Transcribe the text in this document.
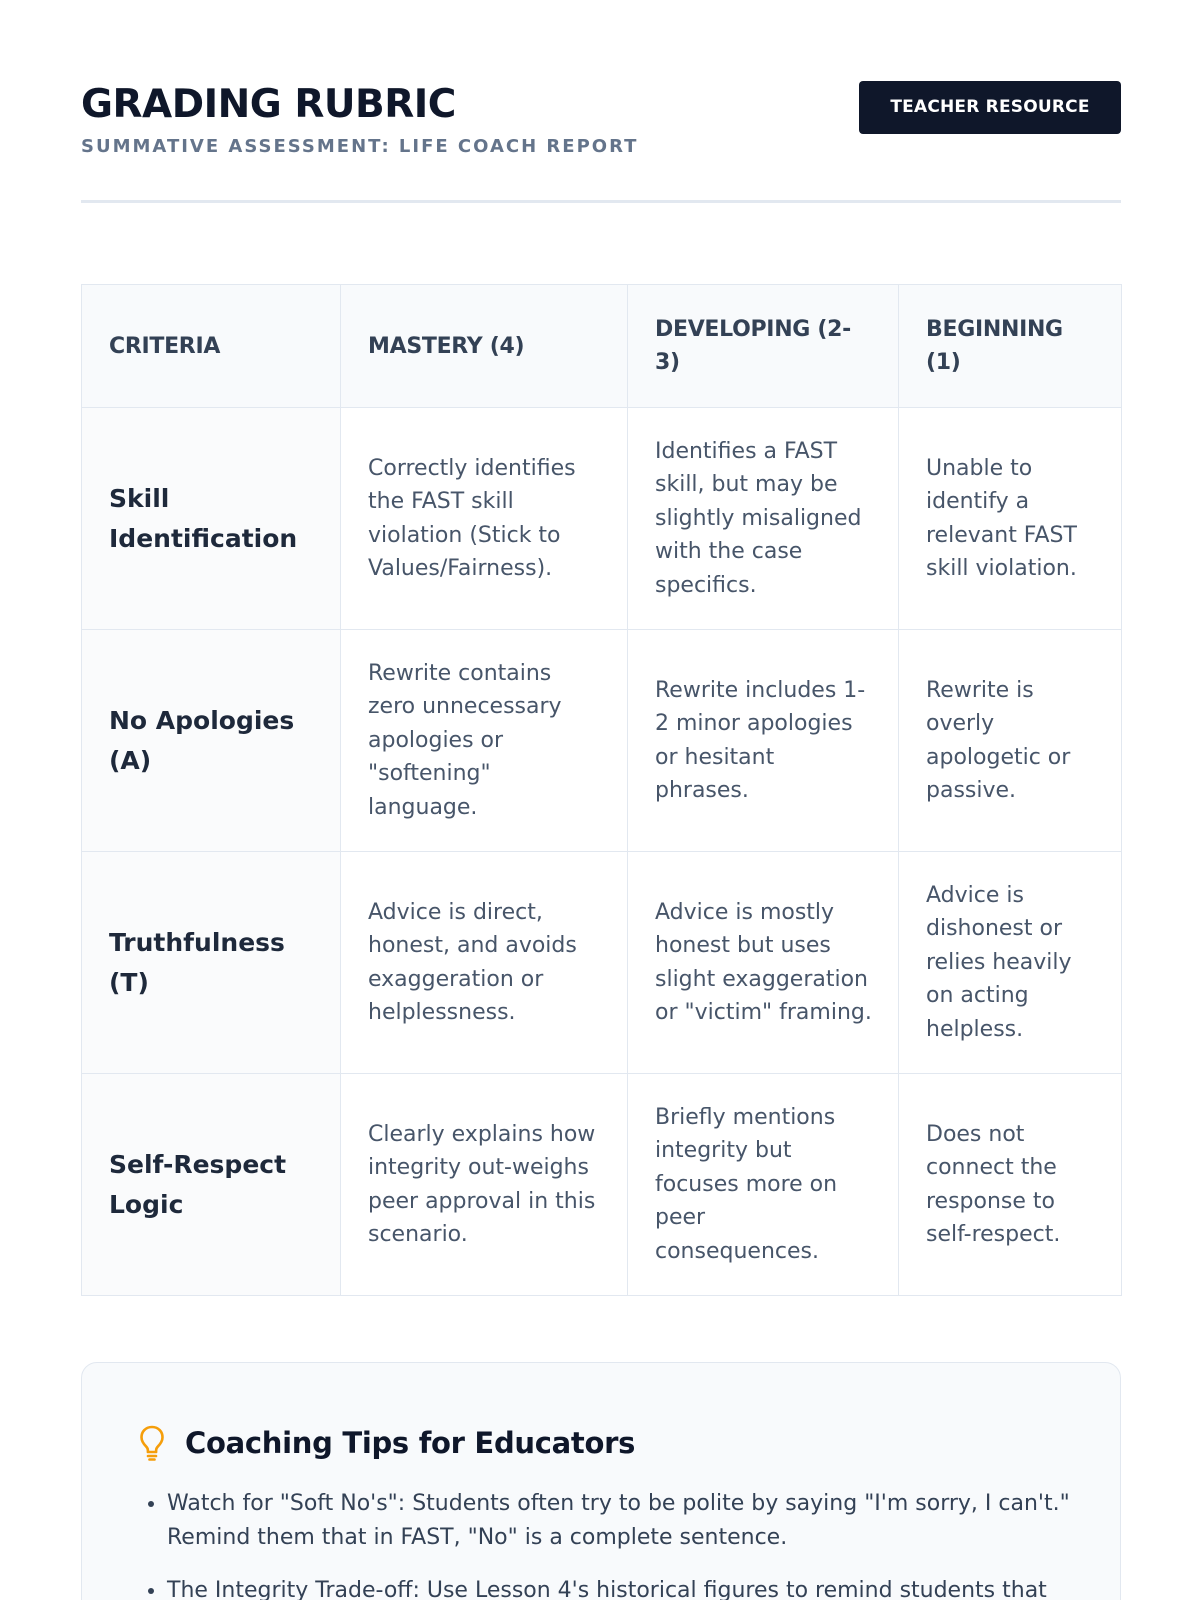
GRADING RUBRIC
SUMMATIVE ASSESSMENT: LIFE COACH REPORT
TEACHER RESOURCE
CRITERIA	MASTERY (4)	DEVELOPING (2-3)	BEGINNING (1)
Skill Identification	Correctly identifies the FAST skill violation (Stick to Values/Fairness).	Identifies a FAST skill, but may be slightly misaligned with the case specifics.	Unable to identify a relevant FAST skill violation.
No Apologies (A)	Rewrite contains zero unnecessary apologies or "softening" language.	Rewrite includes 1-2 minor apologies or hesitant phrases.	Rewrite is overly apologetic or passive.
Truthfulness (T)	Advice is direct, honest, and avoids exaggeration or helplessness.	Advice is mostly honest but uses slight exaggeration or "victim" framing.	Advice is dishonest or relies heavily on acting helpless.
Self-Respect Logic	Clearly explains how integrity out-weighs peer approval in this scenario.	Briefly mentions integrity but focuses more on peer consequences.	Does not connect the response to self-respect.
Coaching Tips for Educators
• Watch for "Soft No's": Students often try to be polite by saying "I'm sorry, I can't." Remind them that in FAST, "No" is a complete sentence.
• The Integrity Trade-off: Use Lesson 4's historical figures to remind students that
